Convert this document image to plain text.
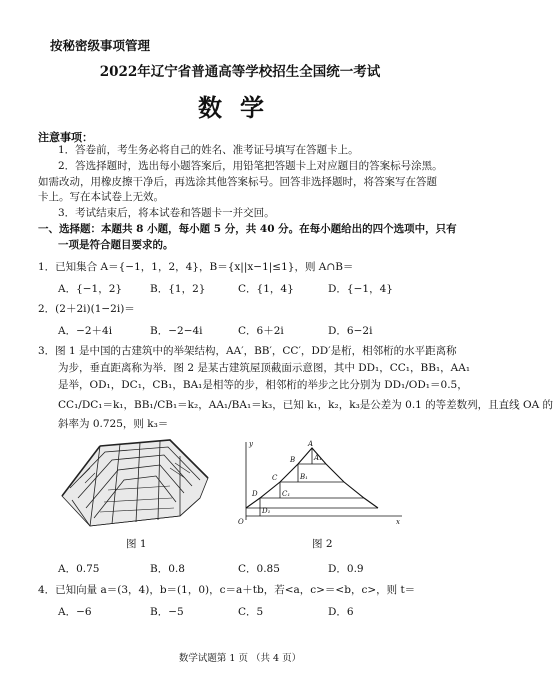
按秘密级事项管理
2022年辽宁省普通高等学校招生全国统一考试
数学
注意事项：
1．答卷前，考生务必将自己的姓名、准考证号填写在答题卡上。
2．答选择题时，选出每小题答案后，用铅笔把答题卡上对应题目的答案标号涂黑。
如需改动，用橡皮擦干净后，再选涂其他答案标号。回答非选择题时，将答案写在答题
卡上。写在本试卷上无效。
3．考试结束后，将本试卷和答题卡一并交回。
一、选择题：本题共 8 小题，每小题 5 分，共 40 分。在每小题给出的四个选项中，只有
一项是符合题目要求的。
1．已知集合 A＝{−1，1，2，4}，B＝{x||x−1|≤1}，则 A∩B＝
A．{−1，2}	B．{1，2}	C．{1，4}	D．{−1，4}
2．(2＋2i)(1−2i)＝
A．−2＋4i	B．−2−4i	C．6＋2i	D．6−2i
3．图 1 是中国的古建筑中的举架结构，AA′，BB′，CC′，DD′是桁，相邻桁的水平距离称
为步，垂直距离称为举．图 2 是某古建筑屋顶截面示意图，其中 DD₁，CC₁，BB₁，AA₁
是举，OD₁，DC₁，CB₁，BA₁是相等的步，相邻桁的举步之比分别为 DD₁/OD₁＝0.5，
CC₁/DC₁＝k₁，BB₁/CB₁＝k₂，AA₁/BA₁＝k₃，已知 k₁，k₂，k₃是公差为 0.1 的等差数列，且直线 OA 的
斜率为 0.725，则 k₃＝
图 1
y	A
A₁
B
B₁
C
C₁
D
D₁
O	x
图 2
A．0.75	B．0.8	C．0.85	D．0.9
4．已知向量 a＝(3，4)，b＝(1，0)，c＝a＋tb，若<a，c>＝<b，c>，则 t＝
A．−6	B．−5	C．5	D．6
数学试题第 1 页 （共 4 页）
